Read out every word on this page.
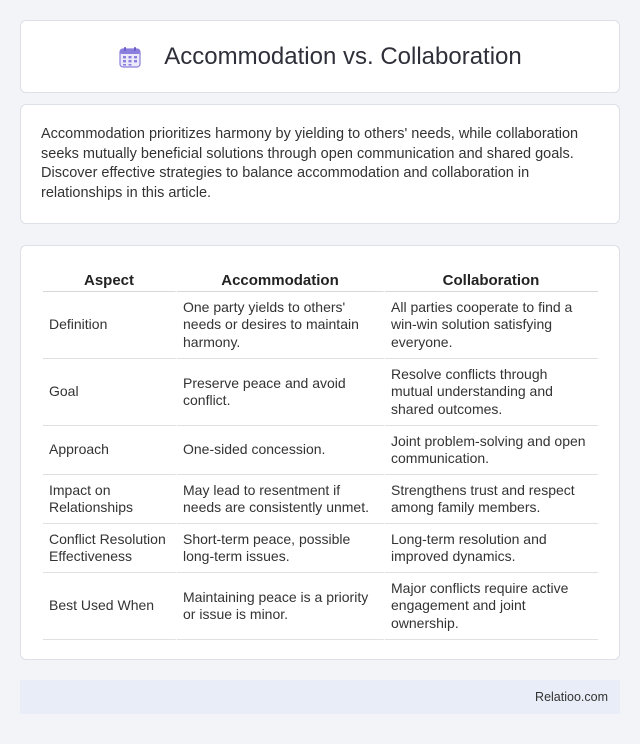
Accommodation vs. Collaboration

Accommodation prioritizes harmony by yielding to others' needs, while collaboration seeks mutually beneficial solutions through open communication and shared goals. Discover effective strategies to balance accommodation and collaboration in relationships in this article.

Aspect	Accommodation	Collaboration
Definition	One party yields to others' needs or desires to maintain harmony.	All parties cooperate to find a win-win solution satisfying everyone.
Goal	Preserve peace and avoid conflict.	Resolve conflicts through mutual understanding and shared outcomes.
Approach	One-sided concession.	Joint problem-solving and open communication.
Impact on Relationships	May lead to resentment if needs are consistently unmet.	Strengthens trust and respect among family members.
Conflict Resolution Effectiveness	Short-term peace, possible long-term issues.	Long-term resolution and improved dynamics.
Best Used When	Maintaining peace is a priority or issue is minor.	Major conflicts require active engagement and joint ownership.
Relatioo.com
